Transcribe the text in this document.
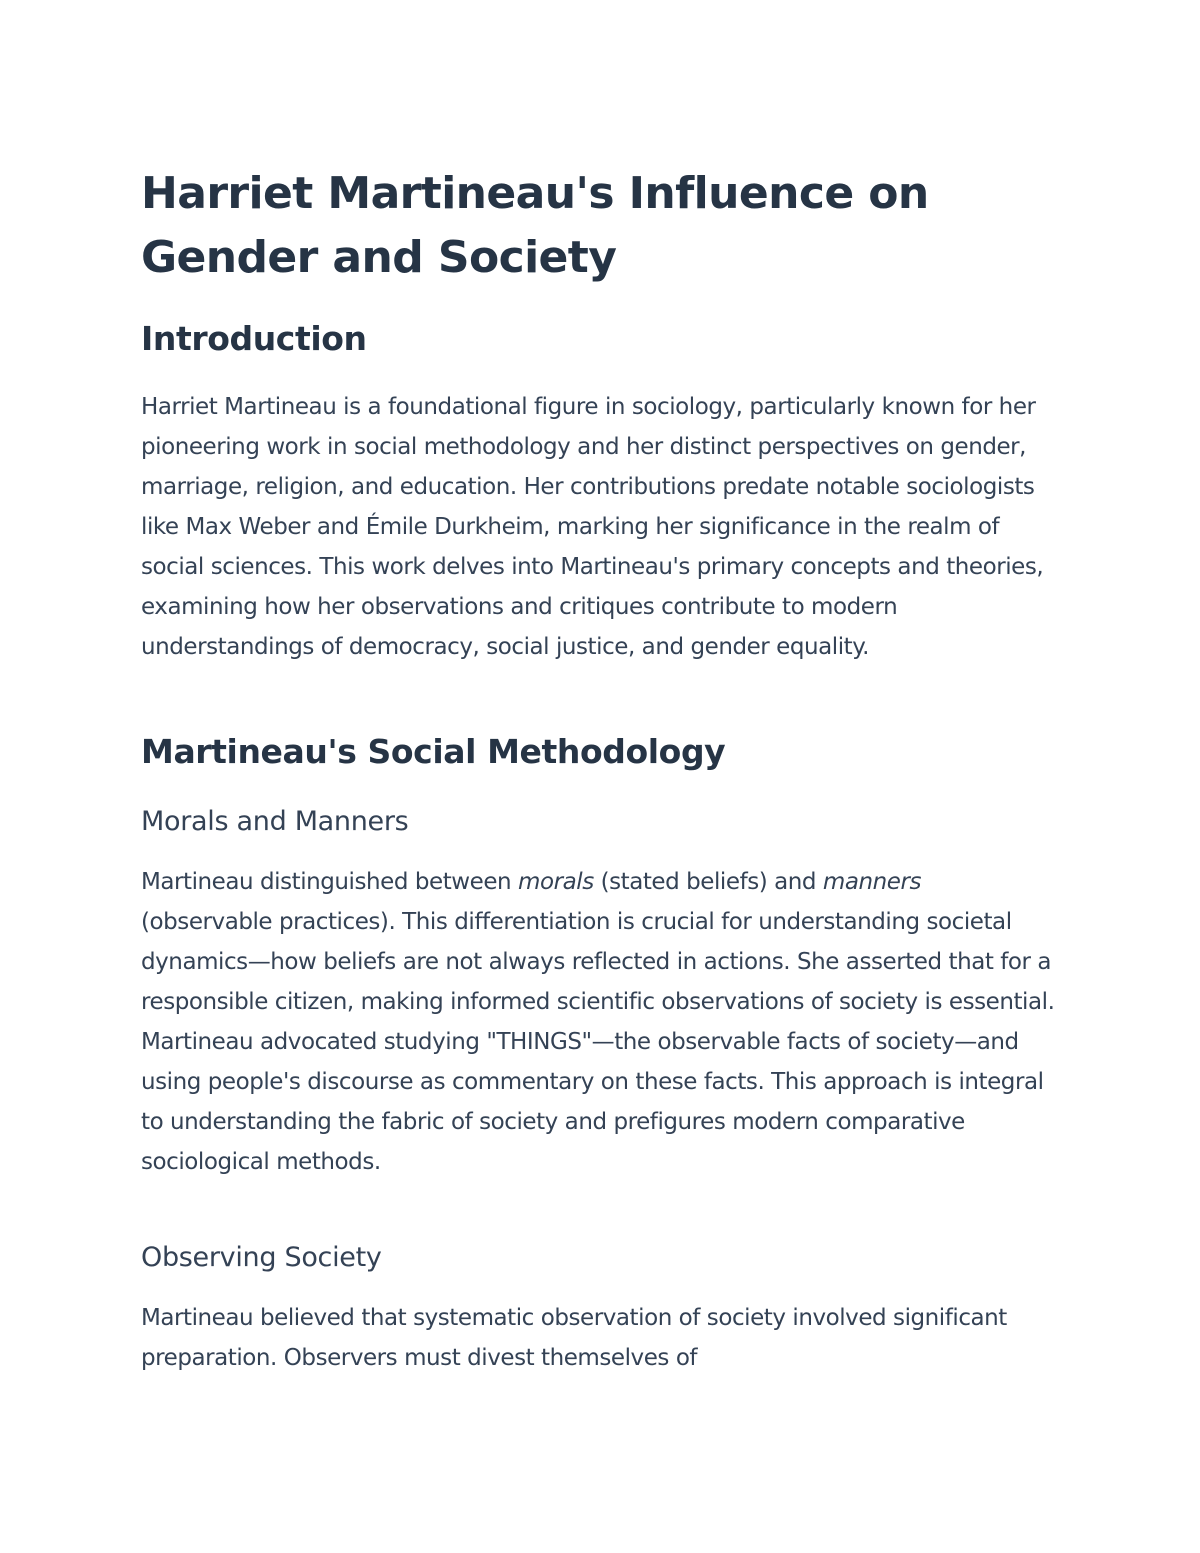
Harriet Martineau's Influence on Gender and Society
Introduction

Harriet Martineau is a foundational figure in sociology, particularly known for her pioneering work in social methodology and her distinct perspectives on gender, marriage, religion, and education. Her contributions predate notable sociologists like Max Weber and Émile Durkheim, marking her significance in the realm of social sciences. This work delves into Martineau's primary concepts and theories, examining how her observations and critiques contribute to modern understandings of democracy, social justice, and gender equality.

Martineau's Social Methodology
Morals and Manners

Martineau distinguished between morals (stated beliefs) and manners (observable practices). This differentiation is crucial for understanding societal dynamics—how beliefs are not always reflected in actions. She asserted that for a responsible citizen, making informed scientific observations of society is essential. Martineau advocated studying "THINGS"—the observable facts of society—and using people's discourse as commentary on these facts. This approach is integral to understanding the fabric of society and prefigures modern comparative sociological methods.

Observing Society

Martineau believed that systematic observation of society involved significant preparation. Observers must divest themselves of
